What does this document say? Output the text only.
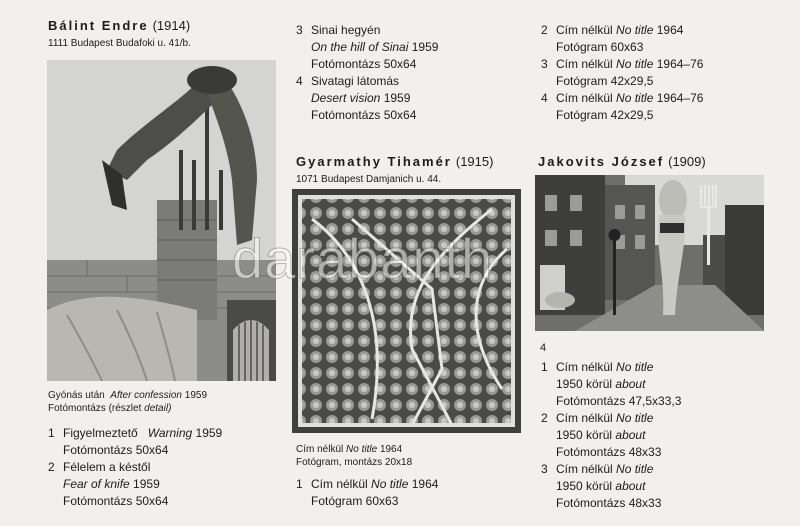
Bálint Endre (1914)
1111 Budapest Budafoki u. 41/b.
Gyónás után After confession 1959
Fotómontázs (részlet detail)
1 Figyelmeztető Warning 1959
Fotómontázs 50x64
2 Félelem a késtől
Fear of knife 1959
Fotómontázs 50x64
3 Sinai hegyén
On the hill of Sinai 1959
Fotómontázs 50x64
4 Sivatagi látomás
Desert vision 1959
Fotómontázs 50x64
Gyarmathy Tihamér (1915)
1071 Budapest Damjanich u. 44.
Cím nélkül No title 1964
Fotógram, montázs 20x18
1 Cím nélkül No title 1964
Fotógram 60x63
2 Cím nélkül No title 1964
Fotógram 60x63
3 Cím nélkül No title 1964–76
Fotógram 42x29,5
4 Cím nélkül No title 1964–76
Fotógram 42x29,5
Jakovits József (1909)
4
1 Cím nélkül No title
1950 körül about
Fotómontázs 47,5x33,3
2 Cím nélkül No title
1950 körül about
Fotómontázs 48x33
3 Cím nélkül No title
1950 körül about
Fotómontázs 48x33
darabanth
